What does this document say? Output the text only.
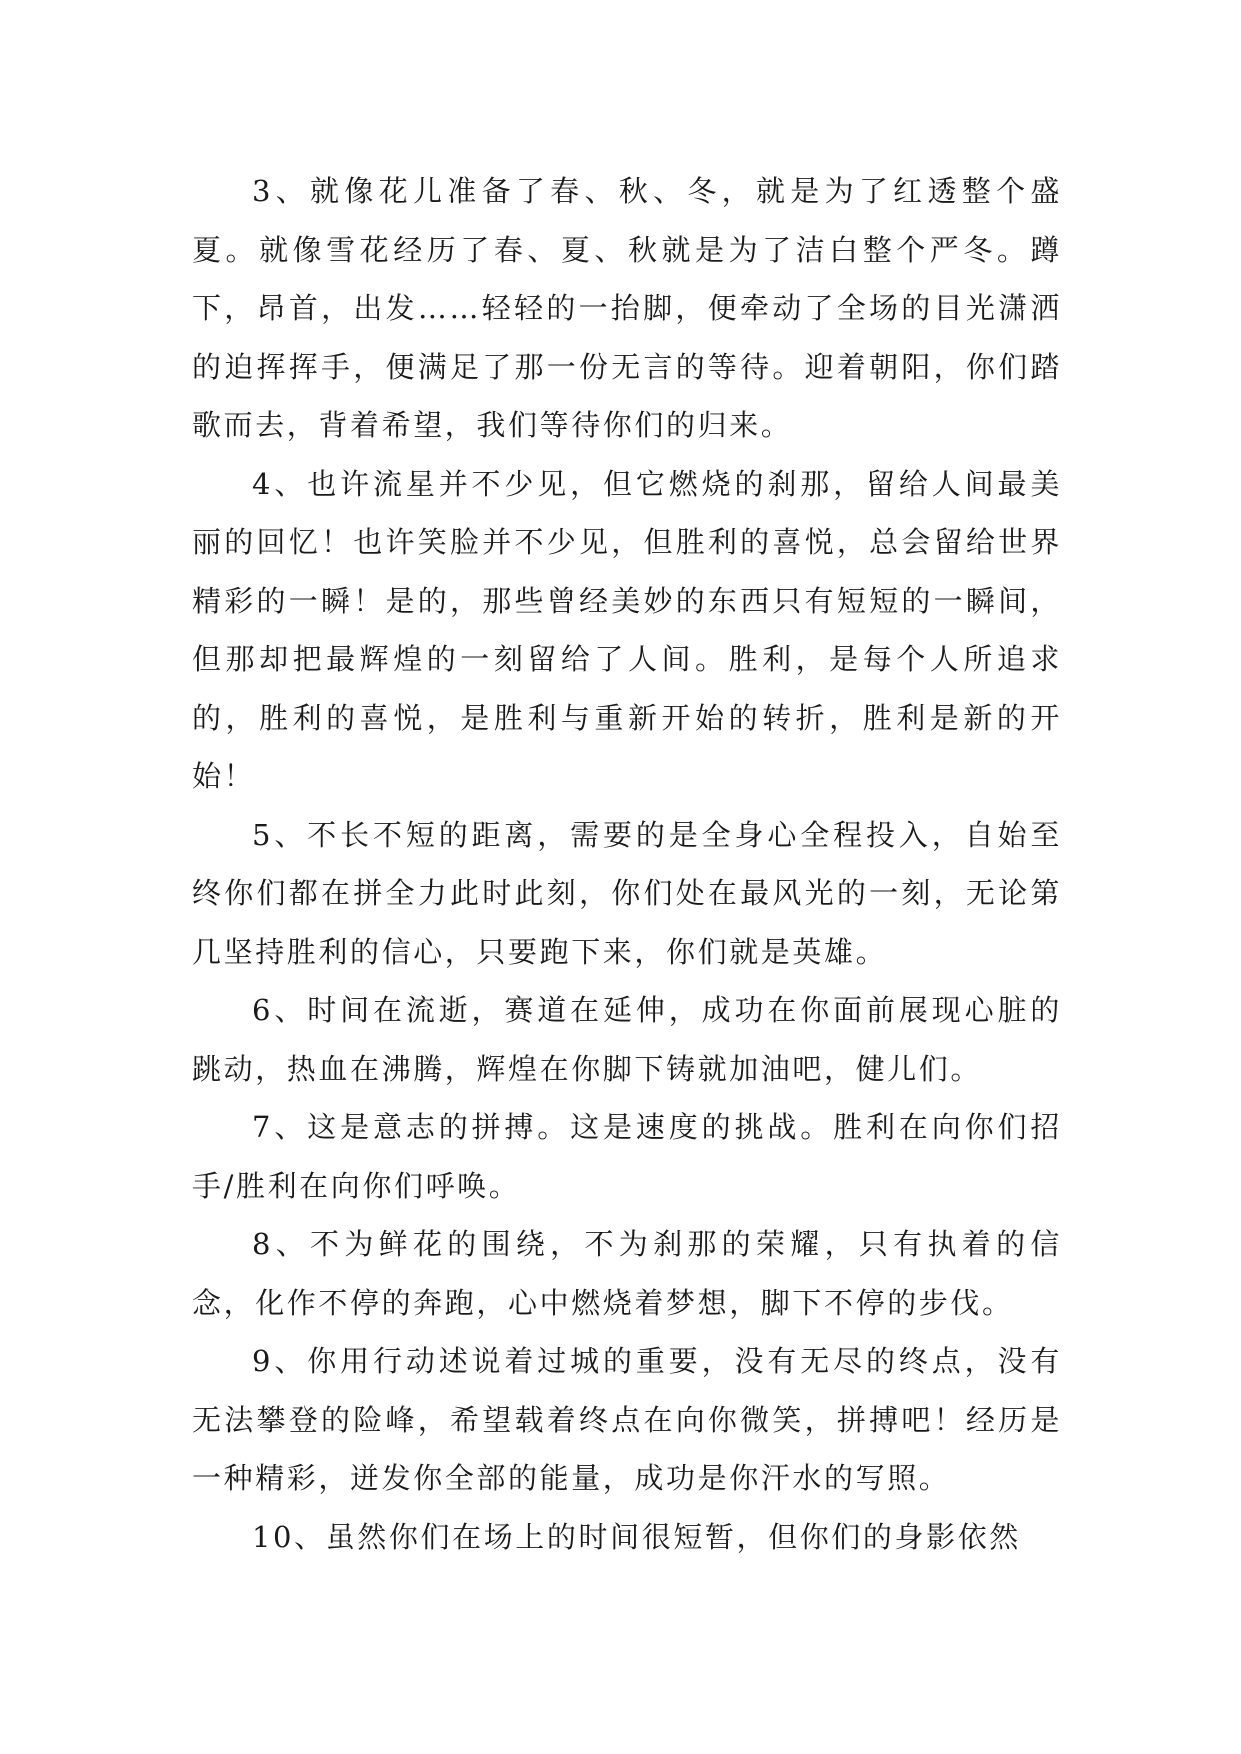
3、就像花儿准备了春、秋、冬，就是为了红透整个盛夏。就像雪花经历了春、夏、秋就是为了洁白整个严冬。蹲下，昂首，出发……轻轻的一抬脚，便牵动了全场的目光潇洒的迫挥挥手，便满足了那一份无言的等待。迎着朝阳，你们踏歌而去，背着希望，我们等待你们的归来。

4、也许流星并不少见，但它燃烧的刹那，留给人间最美丽的回忆！也许笑脸并不少见，但胜利的喜悦，总会留给世界精彩的一瞬！是的，那些曾经美妙的东西只有短短的一瞬间，但那却把最辉煌的一刻留给了人间。胜利，是每个人所追求的，胜利的喜悦，是胜利与重新开始的转折，胜利是新的开始！

5、不长不短的距离，需要的是全身心全程投入，自始至终你们都在拼全力此时此刻，你们处在最风光的一刻，无论第几坚持胜利的信心，只要跑下来，你们就是英雄。

6、时间在流逝，赛道在延伸，成功在你面前展现心脏的跳动，热血在沸腾，辉煌在你脚下铸就加油吧，健儿们。

7、这是意志的拼搏。这是速度的挑战。胜利在向你们招手/胜利在向你们呼唤。

8、不为鲜花的围绕，不为刹那的荣耀，只有执着的信念，化作不停的奔跑，心中燃烧着梦想，脚下不停的步伐。

9、你用行动述说着过城的重要，没有无尽的终点，没有无法攀登的险峰，希望载着终点在向你微笑，拼搏吧！经历是一种精彩，迸发你全部的能量，成功是你汗水的写照。

10、虽然你们在场上的时间很短暂，但你们的身影依然
